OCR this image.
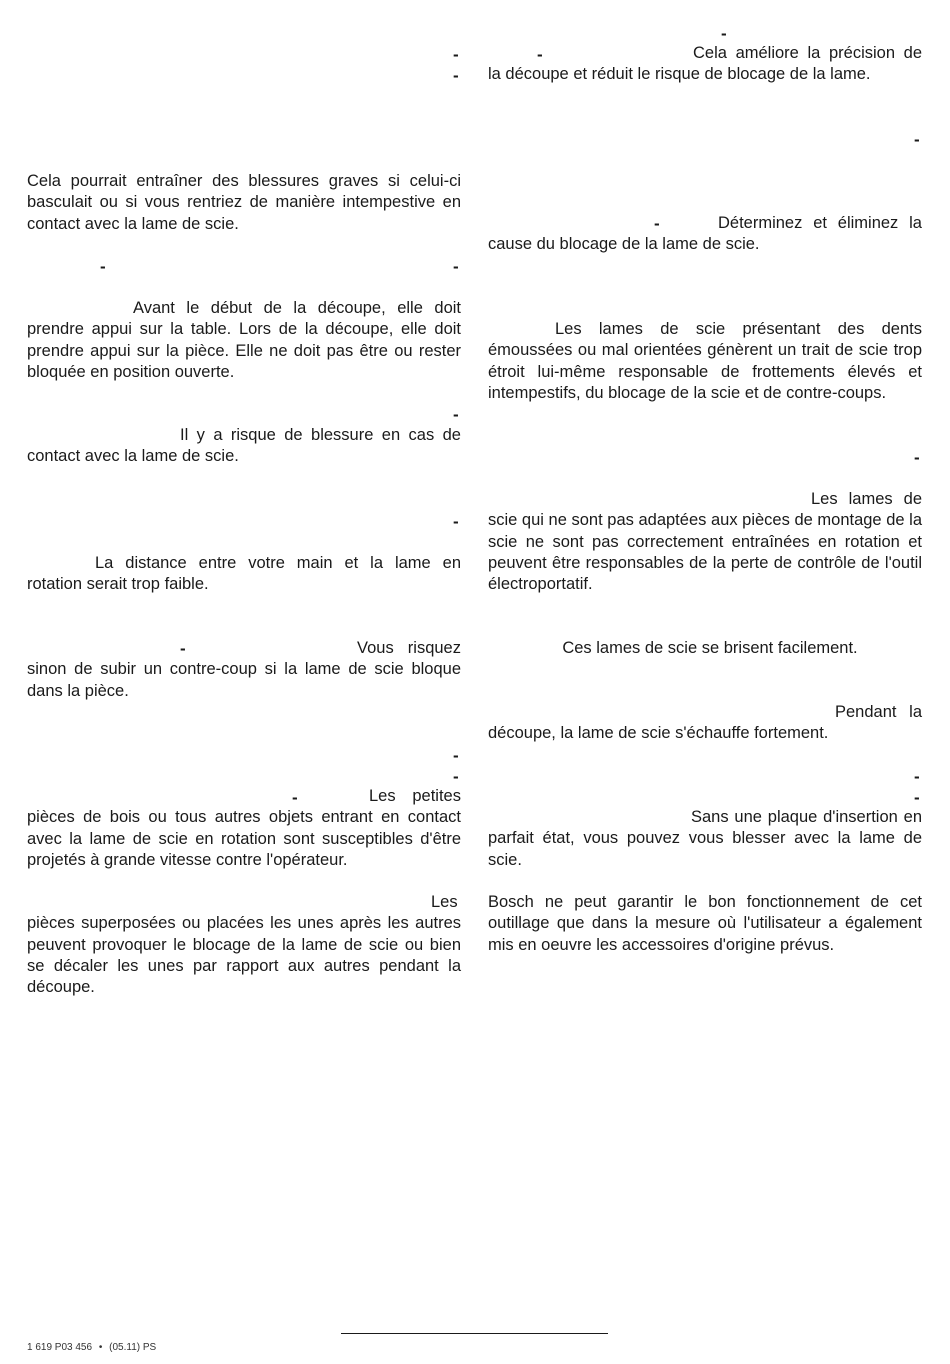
-
-
-	-
-
-
-
-
-
-

Cela pourrait entraîner des blessures graves si celui-ci basculait ou si vous rentriez de manière intempestive en contact avec la lame de scie.

Avant le début de la découpe, elle doit prendre appui sur la table. Lors de la découpe, elle doit prendre appui sur la pièce. Elle ne doit pas être ou rester bloquée en position ouverte.

Il y a risque de blessure en cas de contact avec la lame de scie.

La distance entre votre main et la lame en rotation serait trop faible.

Vous risquez sinon de subir un contre-coup si la lame de scie bloque dans la pièce.

Les petites pièces de bois ou tous autres objets entrant en contact avec la lame de scie en rotation sont susceptibles d'être projetés à grande vitesse contre l'opérateur.

Les pièces superposées ou placées les unes après les autres peuvent provoquer le blocage de la lame de scie ou bien se décaler les unes par rapport aux autres pendant la découpe.

-
-
-
-
-
-
-

Cela améliore la précision de la découpe et réduit le risque de blocage de la lame.

Déterminez et éliminez la cause du blocage de la lame de scie.

Les lames de scie présentant des dents émoussées ou mal orientées génèrent un trait de scie trop étroit lui-même responsable de frottements élevés et intempestifs, du blocage de la scie et de contre-coups.

Les lames de scie qui ne sont pas adaptées aux pièces de montage de la scie ne sont pas correctement entraînées en rotation et peuvent être responsables de la perte de contrôle de l'outil électroportatif.

Ces lames de scie se brisent facilement.

Pendant la découpe, la lame de scie s'échauffe fortement.

Sans une plaque d'insertion en parfait état, vous pouvez vous blesser avec la lame de scie.

Bosch ne peut garantir le bon fonctionnement de cet outillage que dans la mesure où l'utilisateur a également mis en oeuvre les accessoires d'origine prévus.

1 619 P03 456 • (05.11) PS
